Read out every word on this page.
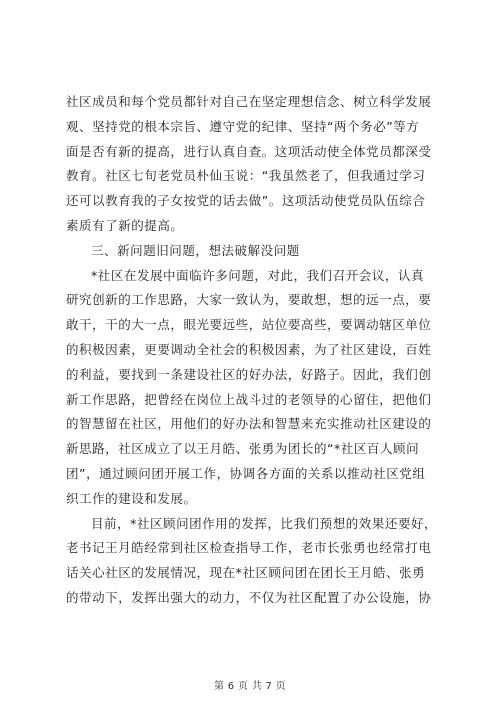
社区成员和每个党员都针对自己在坚定理想信念、树立科学发展
观、坚持党的根本宗旨、遵守党的纪律、坚持“两个务必”等方
面是否有新的提高，进行认真自查。这项活动使全体党员都深受
教育。社区七旬老党员朴仙玉说：“我虽然老了，但我通过学习
还可以教育我的子女按党的话去做”。这项活动使党员队伍综合
素质有了新的提高。
三、新问题旧问题，想法破解没问题
*社区在发展中面临许多问题，对此，我们召开会议，认真
研究创新的工作思路，大家一致认为，要敢想，想的远一点，要
敢干，干的大一点，眼光要远些，站位要高些，要调动辖区单位
的积极因素，更要调动全社会的积极因素，为了社区建设，百姓
的利益，要找到一条建设社区的好办法，好路子。因此，我们创
新工作思路，把曾经在岗位上战斗过的老领导的心留住，把他们
的智慧留在社区，用他们的好办法和智慧来充实推动社区建设的
新思路，社区成立了以王月皓、张勇为团长的“*社区百人顾问
团”，通过顾问团开展工作，协调各方面的关系以推动社区党组
织工作的建设和发展。
目前，*社区顾问团作用的发挥，比我们预想的效果还要好，
老书记王月皓经常到社区检查指导工作，老市长张勇也经常打电
话关心社区的发展情况，现在*社区顾问团在团长王月皓、张勇
的带动下，发挥出强大的动力，不仅为社区配置了办公设施，协
第 6 页 共 7 页
